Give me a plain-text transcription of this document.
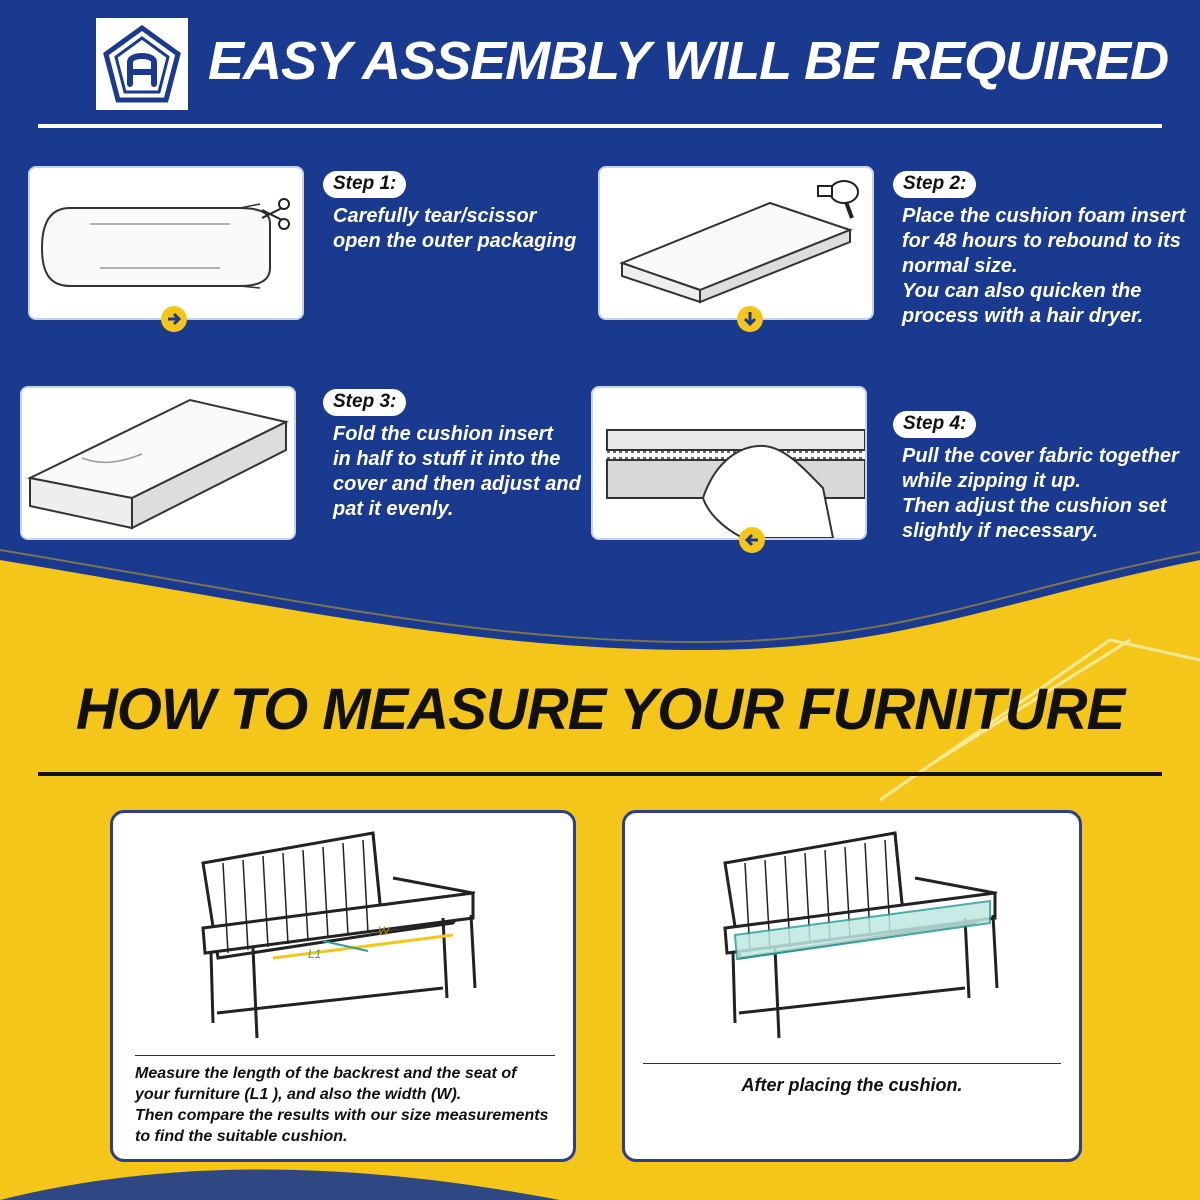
EASY ASSEMBLY WILL BE REQUIRED
Step 1:
Carefully tear/scissor
open the outer packaging
Step 2:
Place the cushion foam insert
for 48 hours to rebound to its
normal size.
You can also quicken the
process with a hair dryer.
Step 3:
Fold the cushion insert
in half to stuff it into the
cover and then adjust and
pat it evenly.
Step 4:
Pull the cover fabric together
while zipping it up.
Then adjust the cushion set
slightly if necessary.
HOW TO MEASURE YOUR FURNITURE
L1
W
Measure the length of the backrest and the seat of
your furniture (L1 ), and also the width (W).
Then compare the results with our size measurements
to find the suitable cushion.
After placing the cushion.
